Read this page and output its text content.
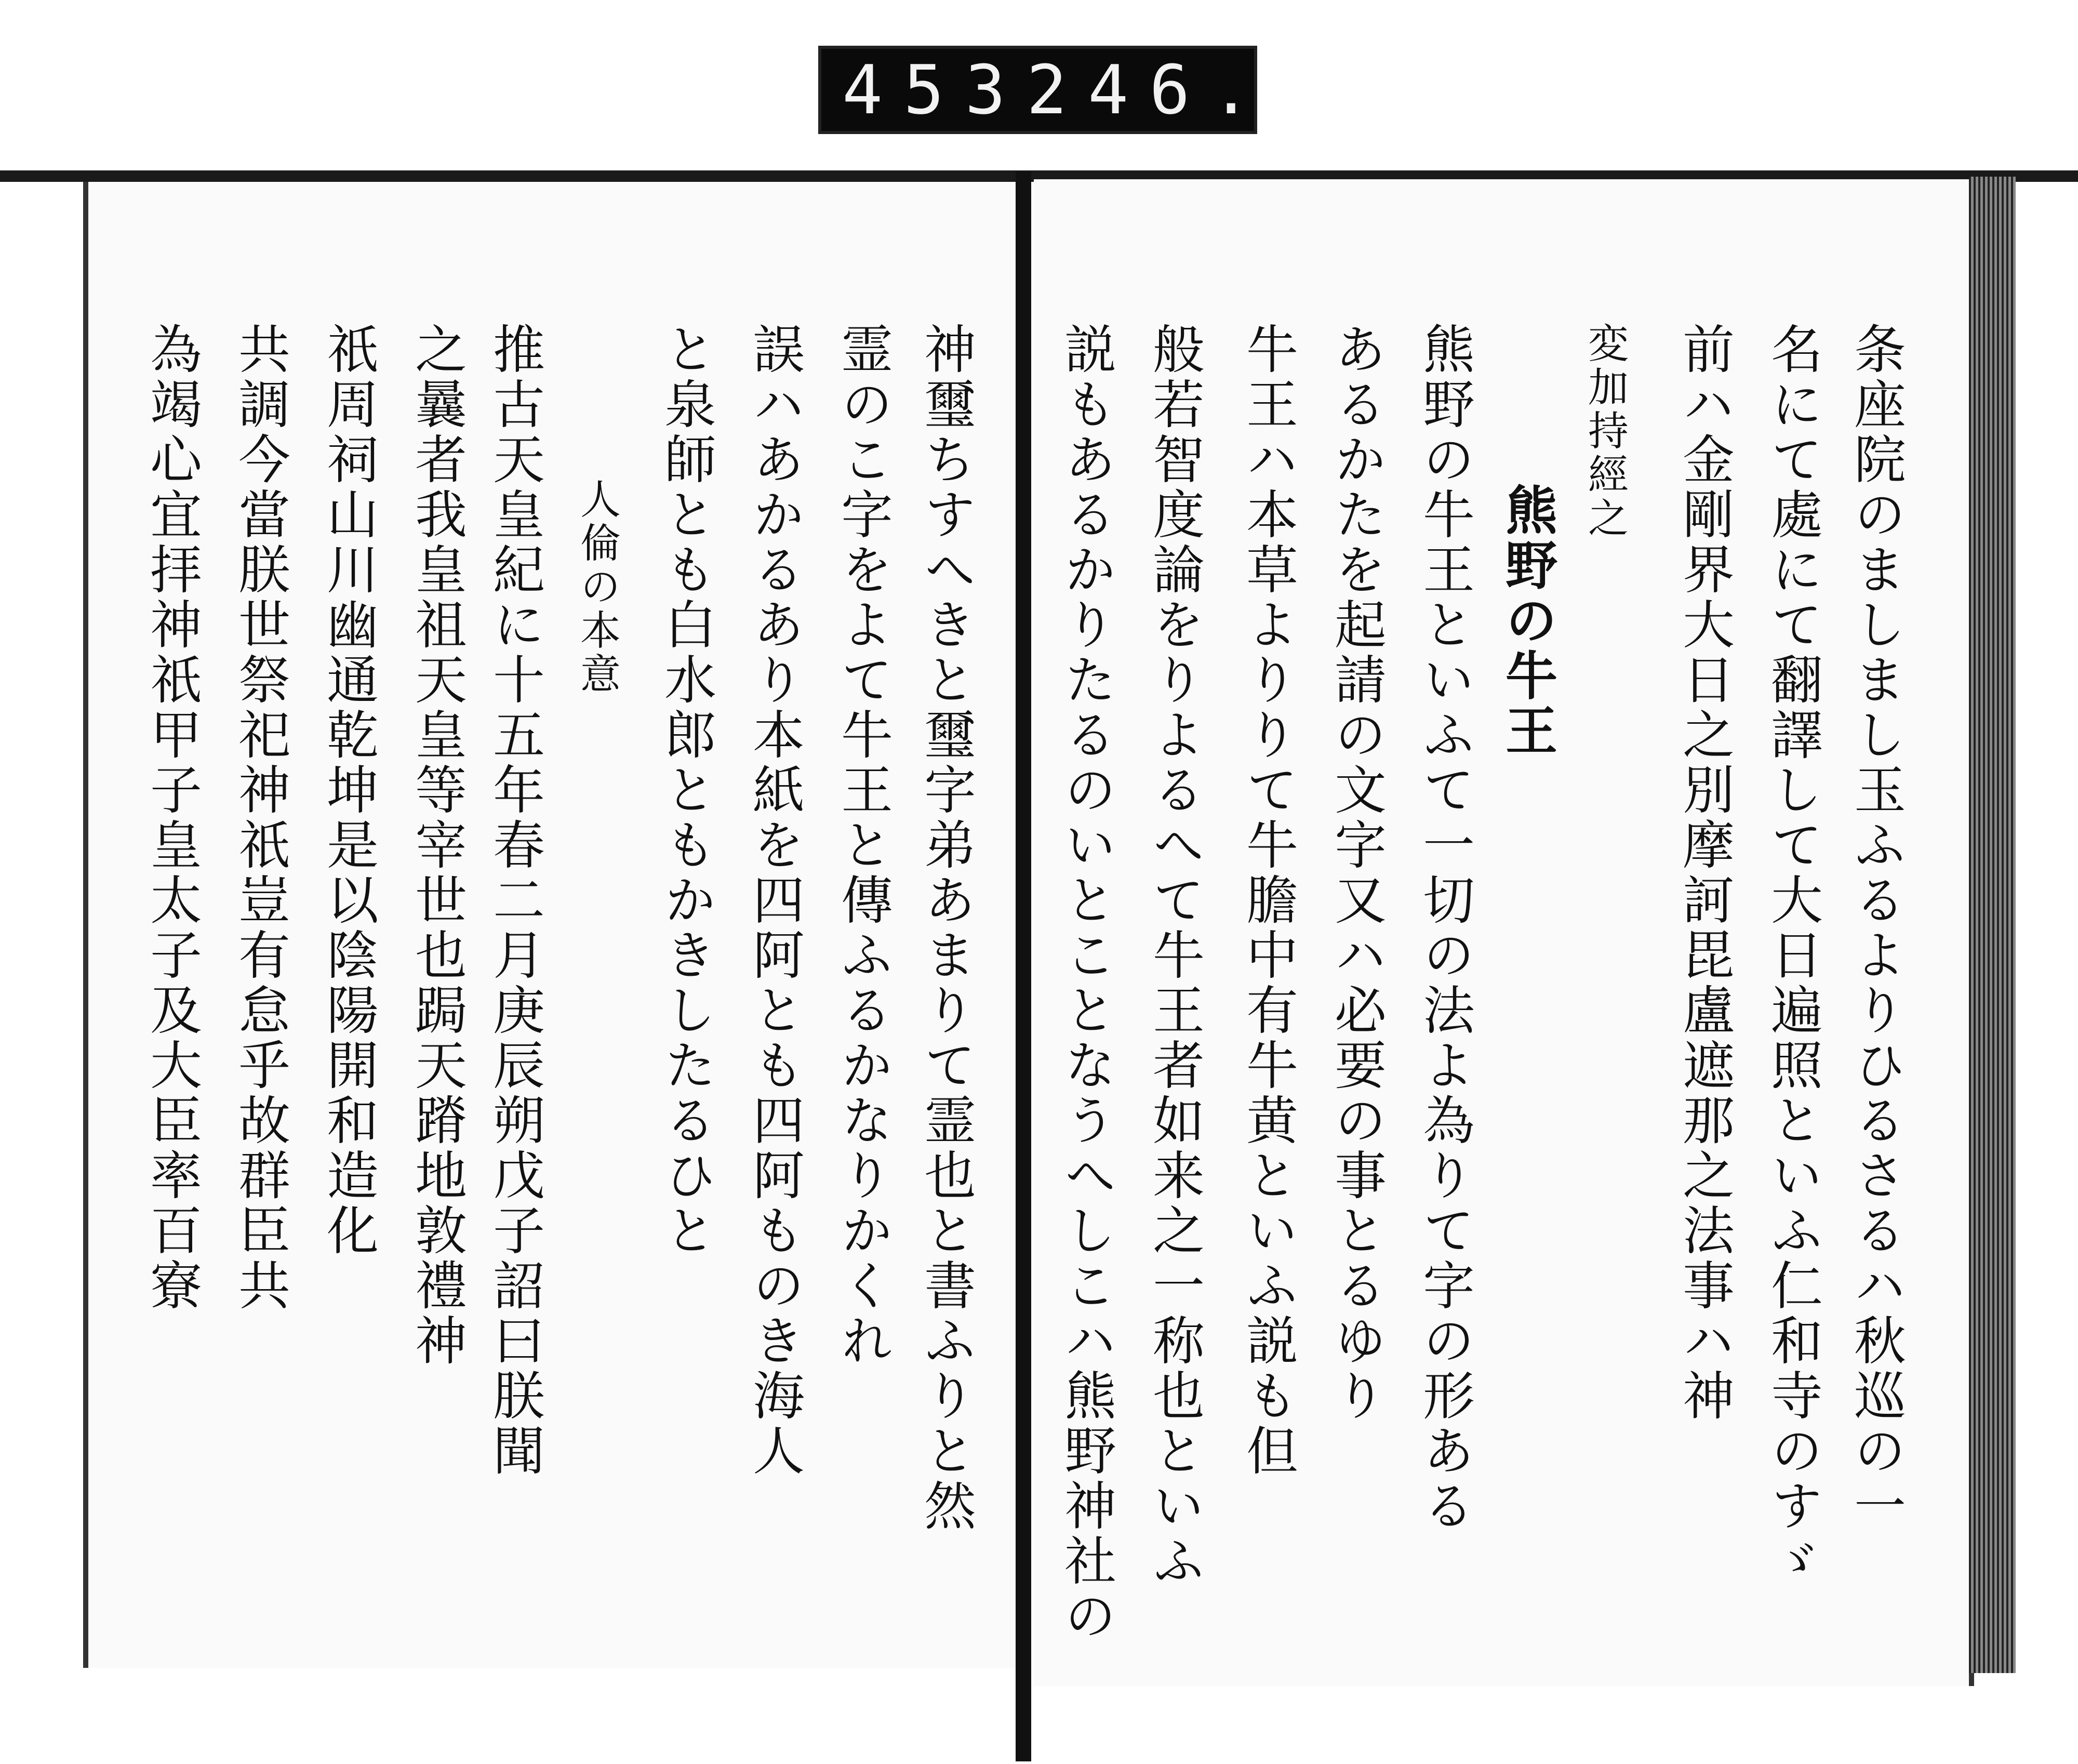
453 246.
条座院のましまし玉ふるよりひるさるハ秋巡の一
名にて處にて翻譯して大日遍照といふ仁和寺のすゞ
前ハ金剛界大日之別摩訶毘盧遮那之法事ハ神
変加持經之
熊野の牛王
熊野の牛王といふて一切の法よ為りて字の形ある
あるかたを起請の文字又ハ必要の事とるゆり
牛王ハ本草よりりて牛膽中有牛黄といふ説も但
般若智度論をりよるへて牛王者如来之一称也といふ
説もあるかりたるのいとことなうへしこハ熊野神社の
神璽ちすへきと璽字弟あまりて霊也と書ふりと然
霊のこ字をよて牛王と傳ふるかなりかくれ
誤ハあかるあり本紙を四阿とも四阿ものき海人
と泉師とも白水郎ともかきしたるひと
人倫の本意
推古天皇紀に十五年春二月庚辰朔戊子詔曰朕聞
之曩者我皇祖天皇等宰世也跼天蹐地敦禮神
祇周祠山川幽通乾坤是以陰陽開和造化
共調今當朕世祭祀神祇豈有怠乎故群臣共
為竭心宜拝神祇甲子皇太子及大臣率百寮
